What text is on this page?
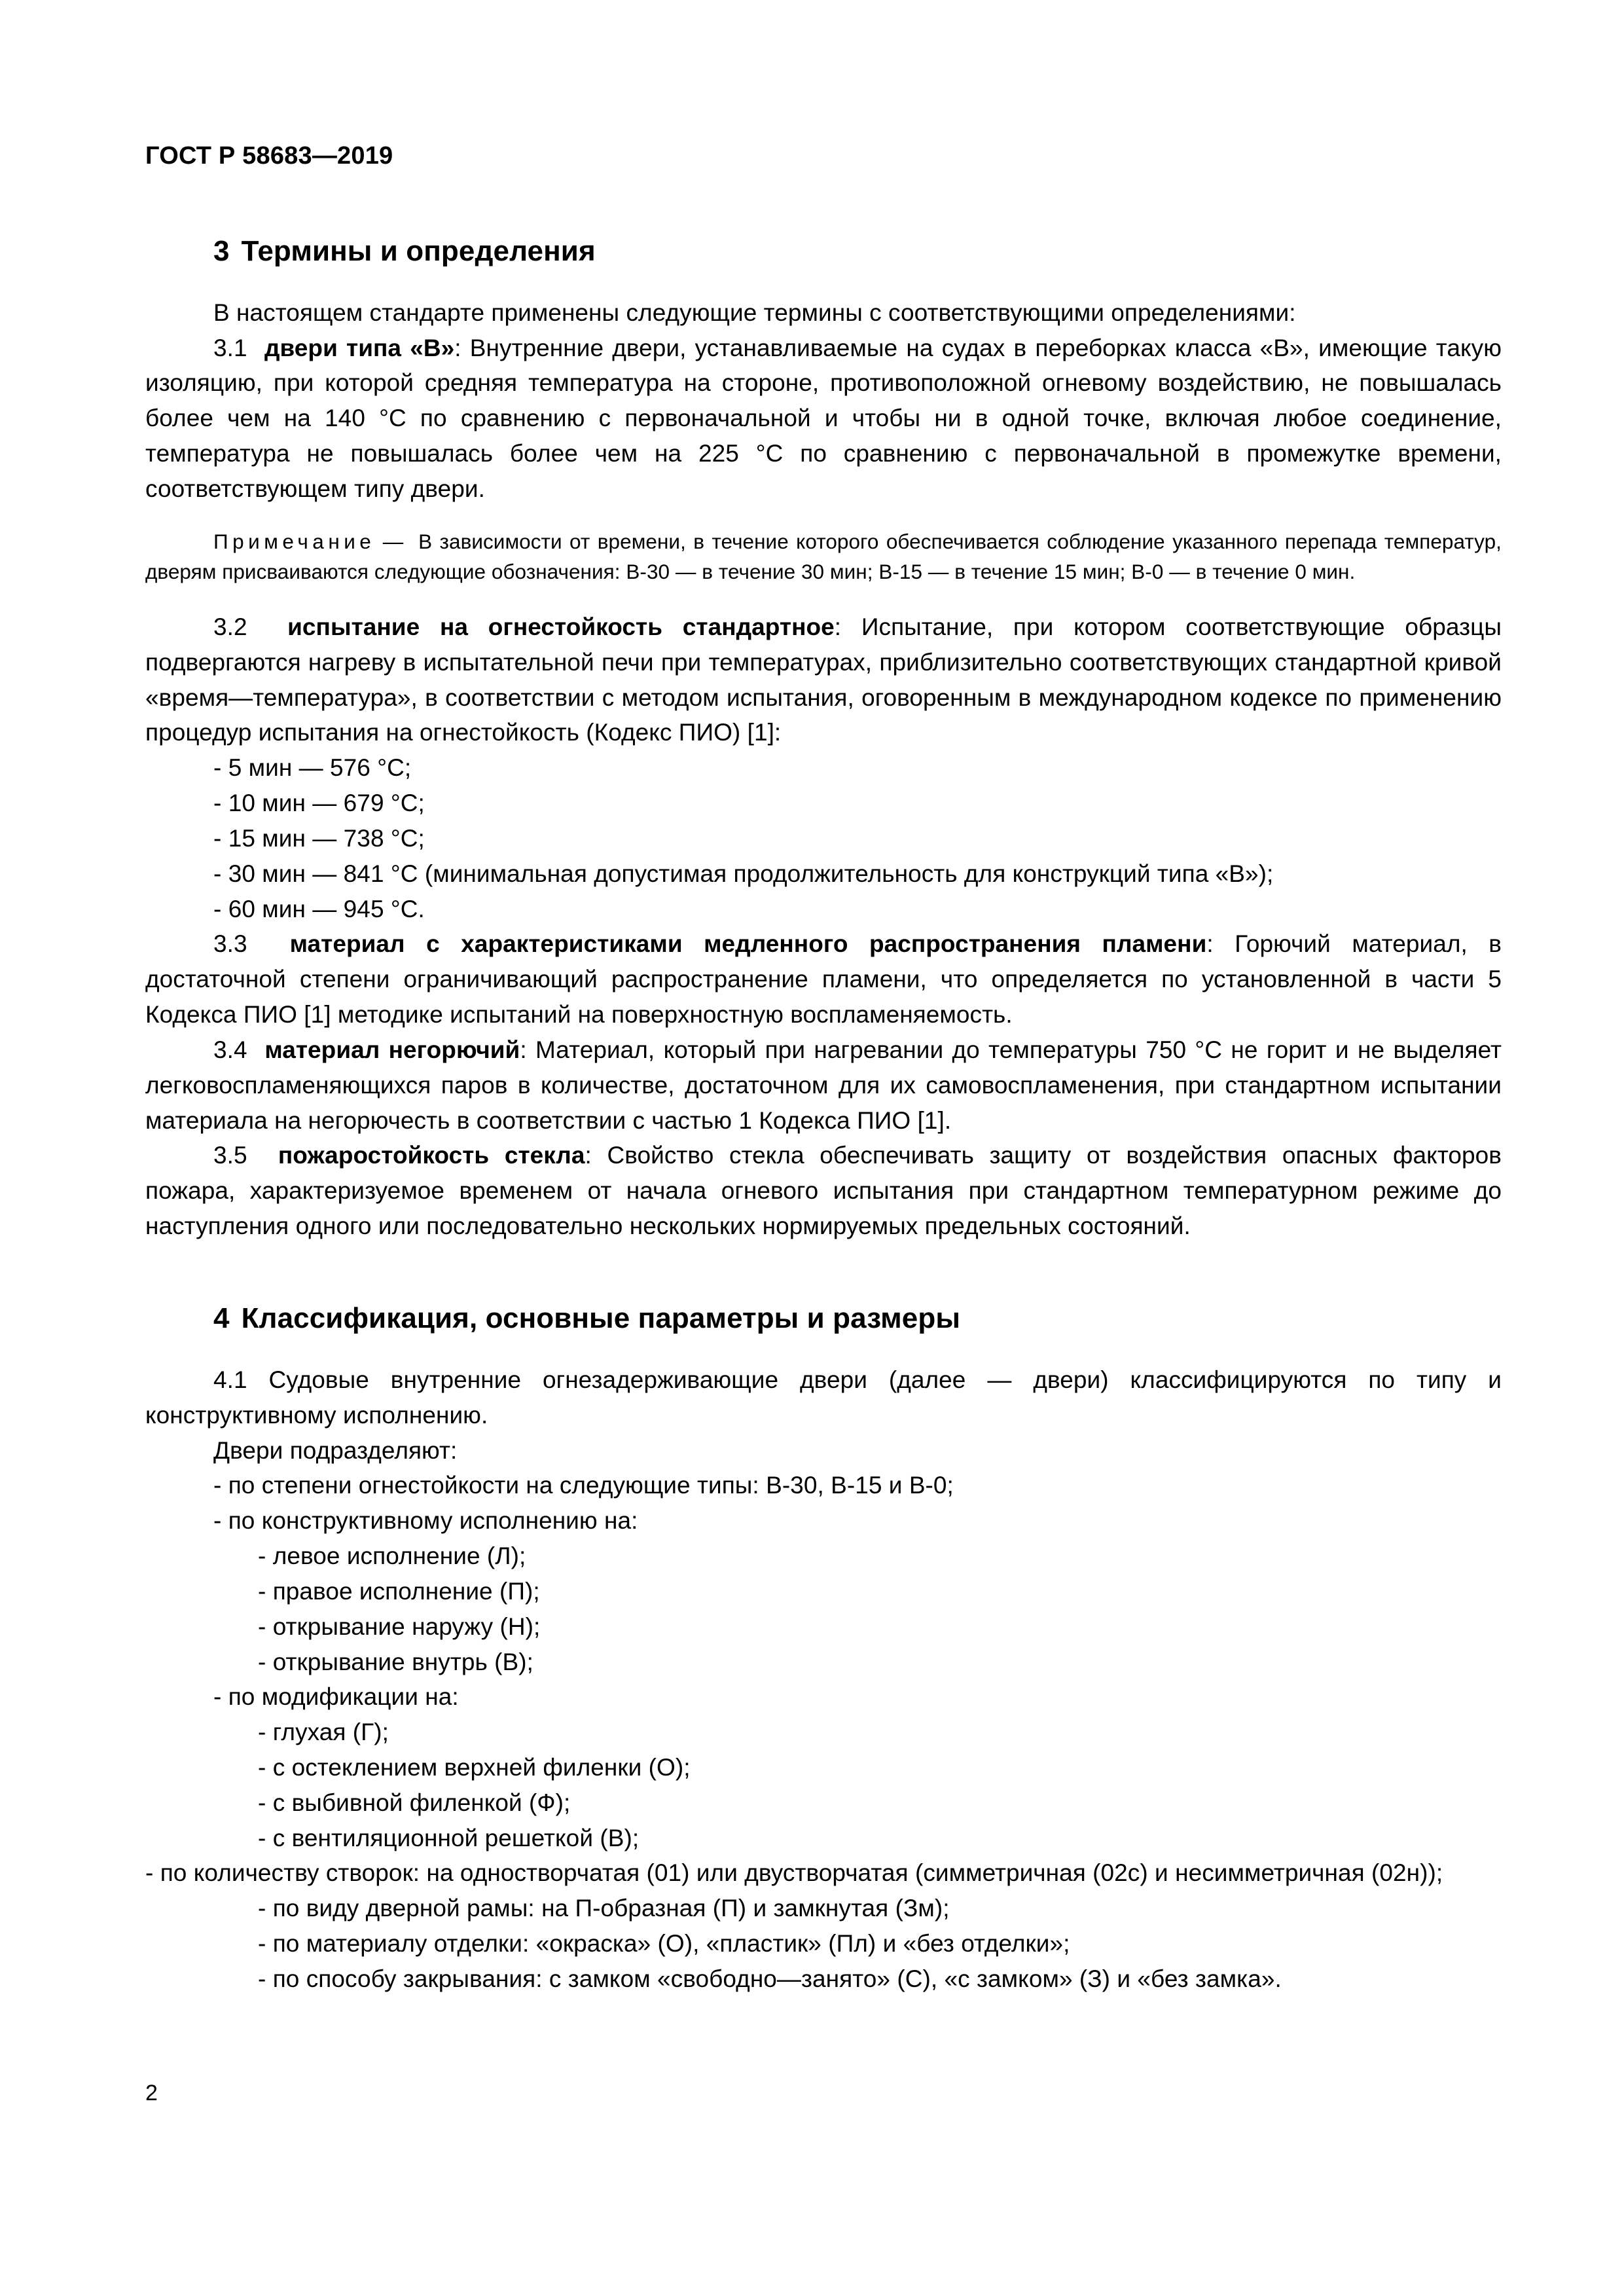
ГОСТ Р 58683—2019
3 Термины и определения

В настоящем стандарте применены следующие термины с соответствующими определениями:

3.1 двери типа «В»: Внутренние двери, устанавливаемые на судах в переборках класса «В», имеющие такую изоляцию, при которой средняя температура на стороне, противоположной огневому воздействию, не повышалась более чем на 140 °C по сравнению с первоначальной и чтобы ни в одной точке, включая любое соединение, температура не повышалась более чем на 225 °C по сравнению с первоначальной в промежутке времени, соответствующем типу двери.

Примечание — В зависимости от времени, в течение которого обеспечивается соблюдение указанного перепада температур, дверям присваиваются следующие обозначения: В-30 — в течение 30 мин; В-15 — в течение 15 мин; В-0 — в течение 0 мин.

3.2 испытание на огнестойкость стандартное: Испытание, при котором соответствующие образцы подвергаются нагреву в испытательной печи при температурах, приблизительно соответствующих стандартной кривой «время—температура», в соответствии с методом испытания, оговоренным в международном кодексе по применению процедур испытания на огнестойкость (Кодекс ПИО) [1]:

- 5 мин — 576 °C;
- 10 мин — 679 °C;
- 15 мин — 738 °C;
- 30 мин — 841 °C (минимальная допустимая продолжительность для конструкций типа «В»);
- 60 мин — 945 °C.

3.3 материал с характеристиками медленного распространения пламени: Горючий материал, в достаточной степени ограничивающий распространение пламени, что определяется по установленной в части 5 Кодекса ПИО [1] методике испытаний на поверхностную воспламеняемость.

3.4 материал негорючий: Материал, который при нагревании до температуры 750 °C не горит и не выделяет легковоспламеняющихся паров в количестве, достаточном для их самовоспламенения, при стандартном испытании материала на негорючесть в соответствии с частью 1 Кодекса ПИО [1].

3.5 пожаростойкость стекла: Свойство стекла обеспечивать защиту от воздействия опасных факторов пожара, характеризуемое временем от начала огневого испытания при стандартном температурном режиме до наступления одного или последовательно нескольких нормируемых предельных состояний.

4 Классификация, основные параметры и размеры

4.1 Судовые внутренние огнезадерживающие двери (далее — двери) классифицируются по типу и конструктивному исполнению.

Двери подразделяют:

- по степени огнестойкости на следующие типы: В-30, В-15 и В-0;
- по конструктивному исполнению на:
- левое исполнение (Л);
- правое исполнение (П);
- открывание наружу (Н);
- открывание внутрь (В);
- по модификации на:
- глухая (Г);
- с остеклением верхней филенки (О);
- с выбивной филенкой (Ф);
- с вентиляционной решеткой (В);
- по количеству створок: на одностворчатая (01) или двустворчатая (симметричная (02с) и несимметричная (02н));
- по виду дверной рамы: на П-образная (П) и замкнутая (Зм);
- по материалу отделки: «окраска» (О), «пластик» (Пл) и «без отделки»;
- по способу закрывания: с замком «свободно—занято» (С), «с замком» (З) и «без замка».
2
